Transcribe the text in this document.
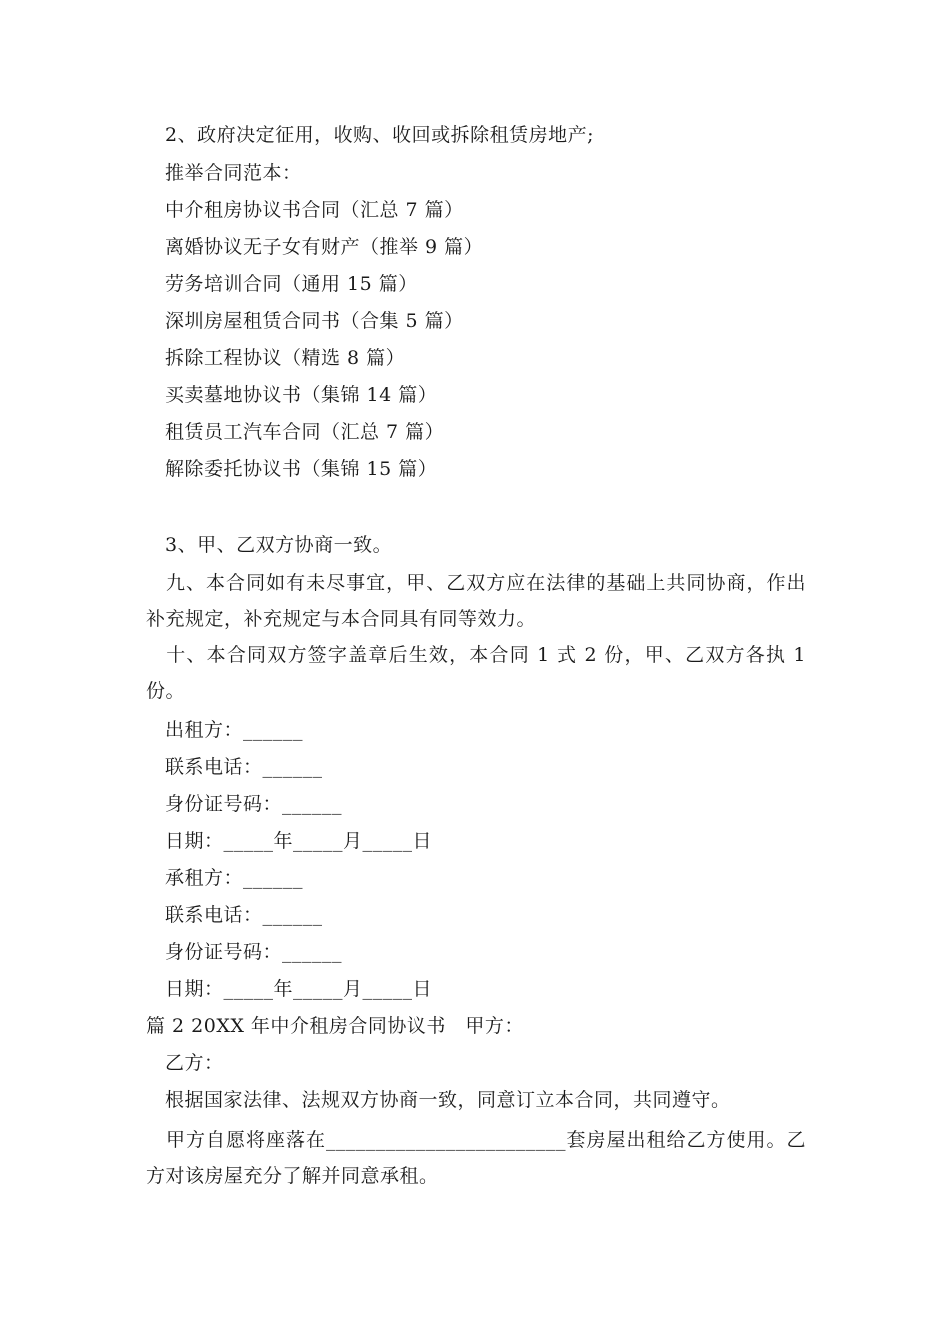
2、政府决定征用，收购、收回或拆除租赁房地产;
推举合同范本：
中介租房协议书合同（汇总 7 篇）
离婚协议无子女有财产（推举 9 篇）
劳务培训合同（通用 15 篇）
深圳房屋租赁合同书（合集 5 篇）
拆除工程协议（精选 8 篇）
买卖墓地协议书（集锦 14 篇）
租赁员工汽车合同（汇总 7 篇）
解除委托协议书（集锦 15 篇）
3、甲、乙双方协商一致。
　九、本合同如有未尽事宜，甲、乙双方应在法律的基础上共同协商，作出补充规定，补充规定与本合同具有同等效力。
　十、本合同双方签字盖章后生效，本合同 1 式 2 份，甲、乙双方各执 1 份。
出租方：______
联系电话：______
身份证号码：______
日期：_____年_____月_____日
承租方：______
联系电话：______
身份证号码：______
日期：_____年_____月_____日
篇 2 20XX 年中介租房合同协议书　甲方：
乙方：
根据国家法律、法规双方协商一致，同意订立本合同，共同遵守。
　甲方自愿将座落在________________________套房屋出租给乙方使用。乙方对该房屋充分了解并同意承租。
